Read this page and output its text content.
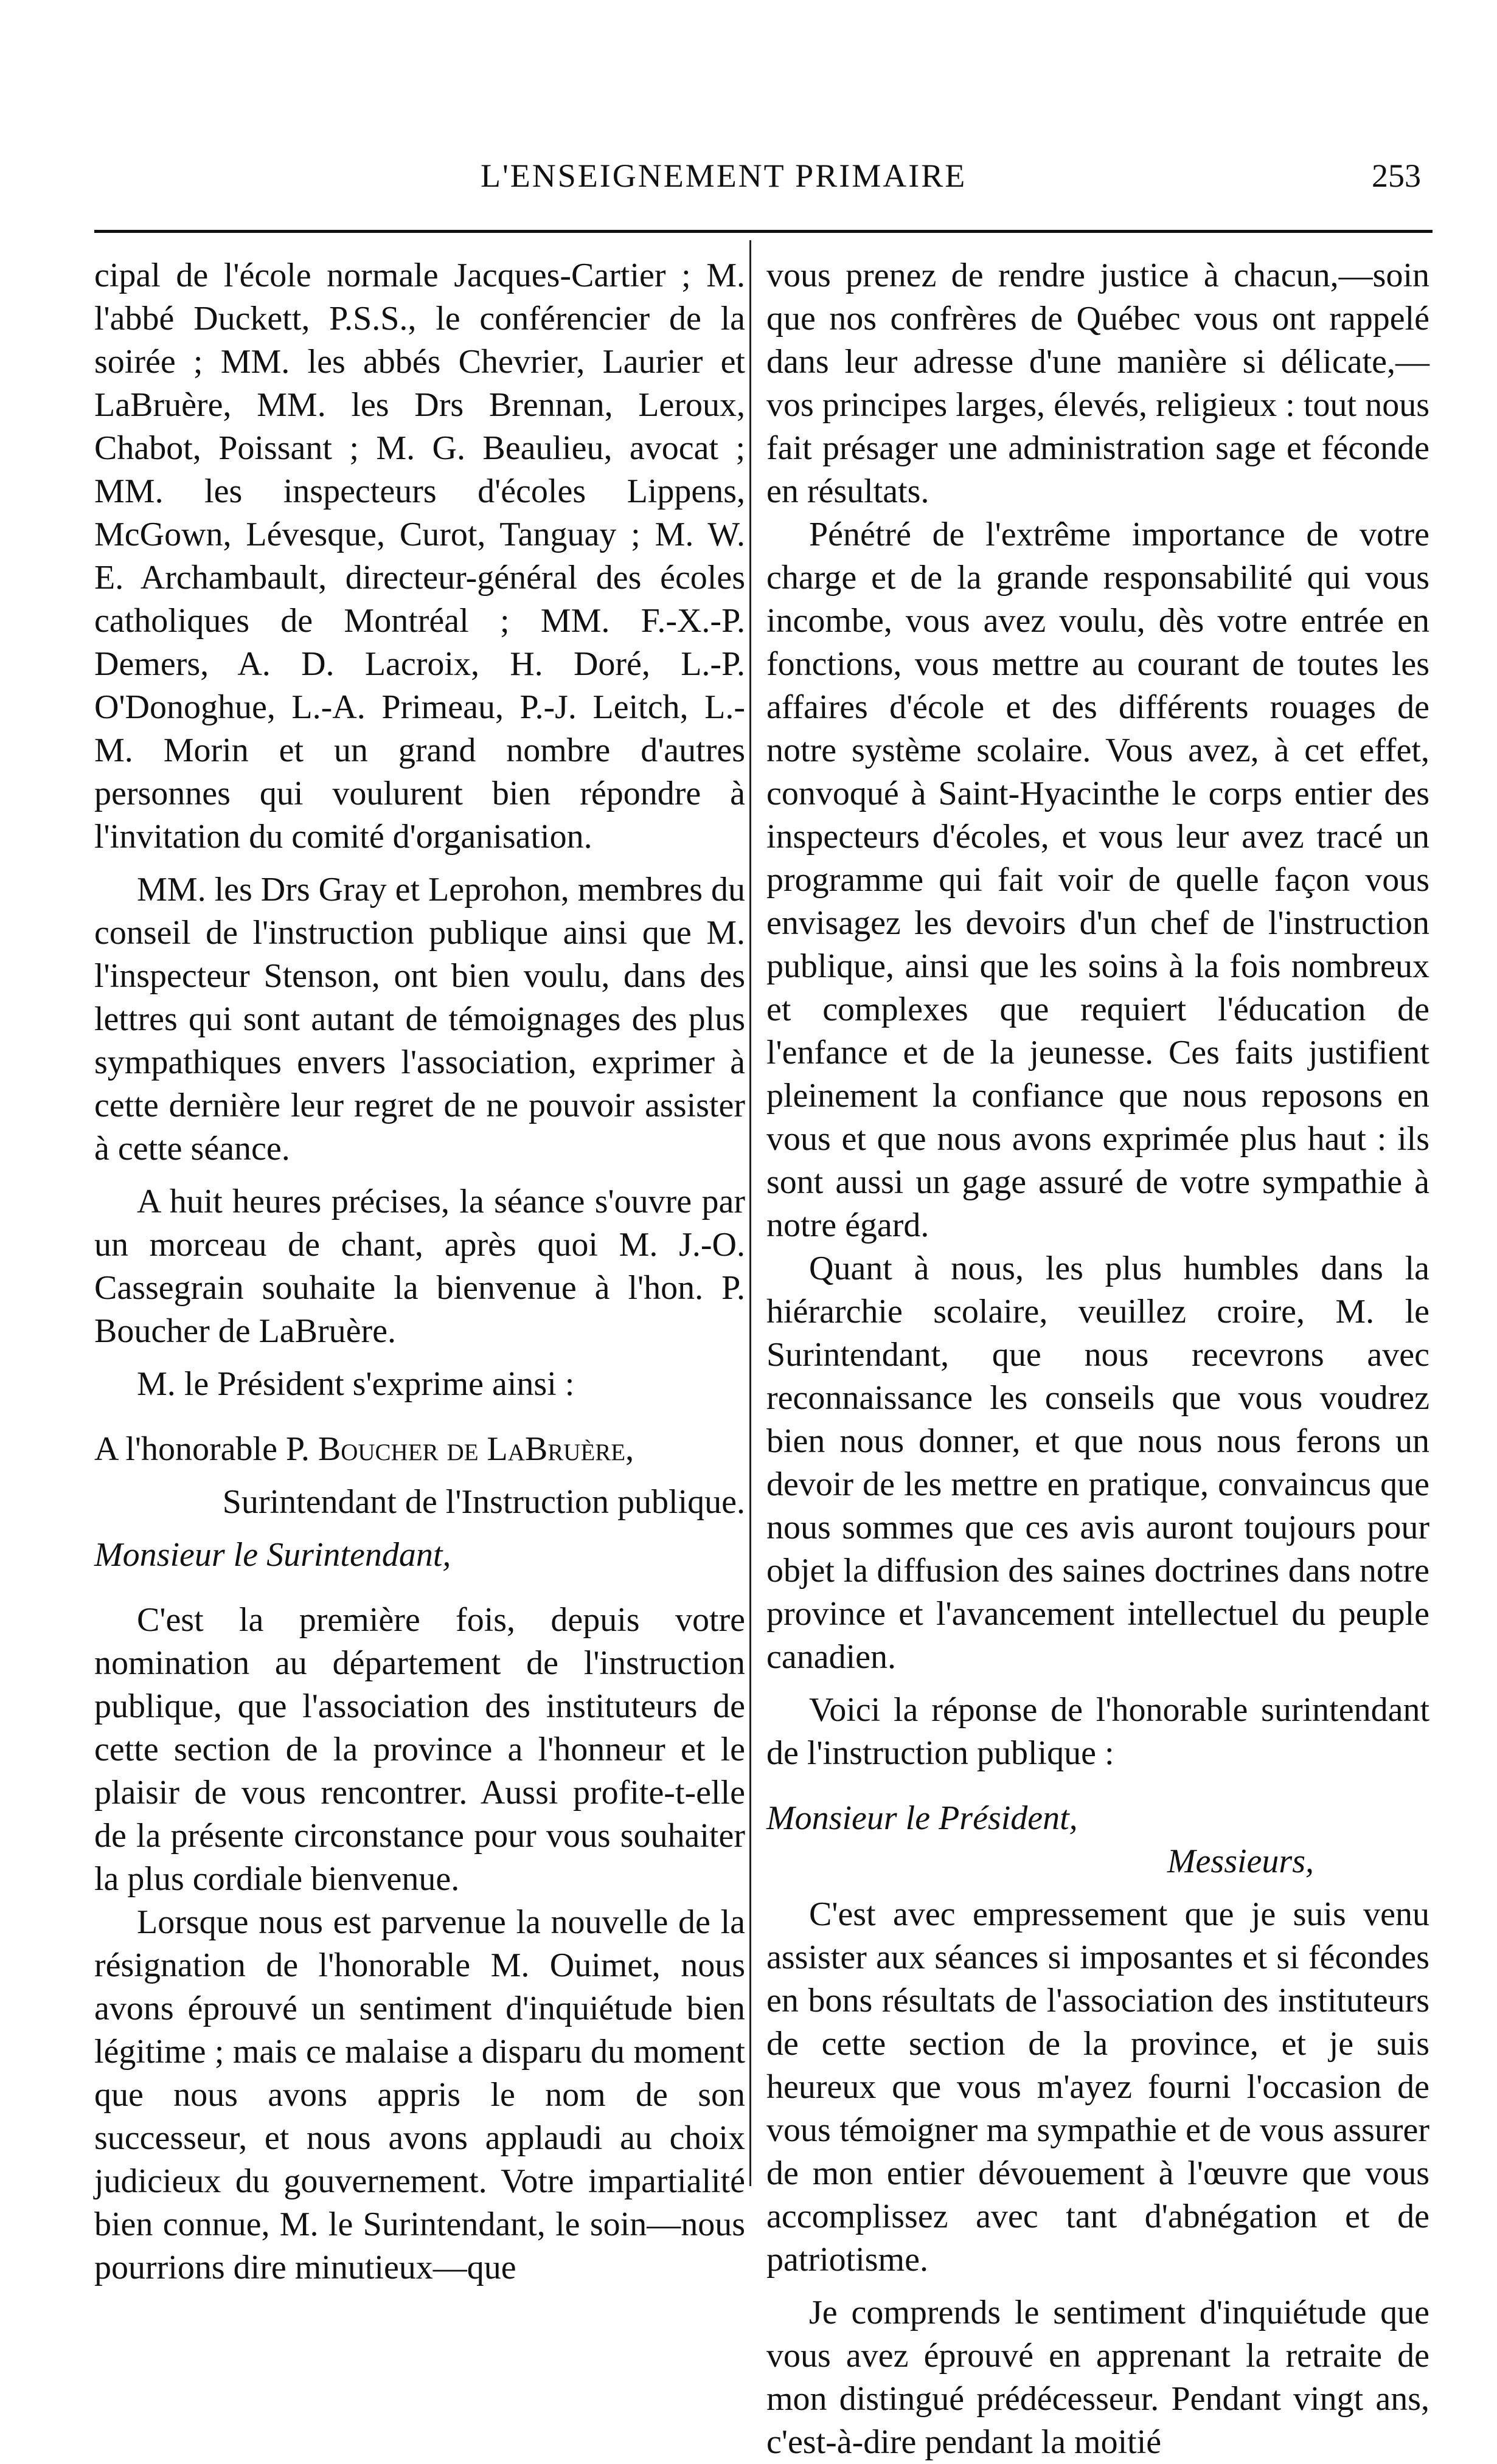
L'ENSEIGNEMENT PRIMAIRE	253

cipal de l'école normale Jacques-Cartier ; M. l'abbé Duckett, P.S.S., le conférencier de la soirée ; MM. les abbés Chevrier, Laurier et LaBruère, MM. les Drs Brennan, Leroux, Chabot, Poissant ; M. G. Beaulieu, avocat ; MM. les inspecteurs d'écoles Lippens, McGown, Lévesque, Curot, Tanguay ; M. W. E. Archambault, directeur-général des écoles catholiques de Montréal ; MM. F.-X.-P. Demers, A. D. Lacroix, H. Doré, L.-P. O'Donoghue, L.-A. Primeau, P.-J. Leitch, L.-M. Morin et un grand nombre d'autres personnes qui voulurent bien répondre à l'invitation du comité d'organisation.

MM. les Drs Gray et Leprohon, membres du conseil de l'instruction publique ainsi que M. l'inspecteur Stenson, ont bien voulu, dans des lettres qui sont autant de témoignages des plus sympathiques envers l'association, exprimer à cette dernière leur regret de ne pouvoir assister à cette séance.

A huit heures précises, la séance s'ouvre par un morceau de chant, après quoi M. J.-O. Cassegrain souhaite la bienvenue à l'hon. P. Boucher de LaBruère.

M. le Président s'exprime ainsi :

A l'honorable P. Boucher de LaBruère,

Surintendant de l'Instruction publique.

Monsieur le Surintendant,

C'est la première fois, depuis votre nomination au département de l'instruction publique, que l'association des instituteurs de cette section de la province a l'honneur et le plaisir de vous rencontrer. Aussi profite-t-elle de la présente circonstance pour vous souhaiter la plus cordiale bienvenue.

Lorsque nous est parvenue la nouvelle de la résignation de l'honorable M. Ouimet, nous avons éprouvé un sentiment d'inquiétude bien légitime ; mais ce malaise a disparu du moment que nous avons appris le nom de son successeur, et nous avons applaudi au choix judicieux du gouvernement. Votre impartialité bien connue, M. le Surintendant, le soin—nous pourrions dire minutieux—que

vous prenez de rendre justice à chacun,—soin que nos confrères de Québec vous ont rappelé dans leur adresse d'une manière si délicate,—vos principes larges, élevés, religieux : tout nous fait présager une administration sage et féconde en résultats.

Pénétré de l'extrême importance de votre charge et de la grande responsabilité qui vous incombe, vous avez voulu, dès votre entrée en fonctions, vous mettre au courant de toutes les affaires d'école et des différents rouages de notre système scolaire. Vous avez, à cet effet, convoqué à Saint-Hyacinthe le corps entier des inspecteurs d'écoles, et vous leur avez tracé un programme qui fait voir de quelle façon vous envisagez les devoirs d'un chef de l'instruction publique, ainsi que les soins à la fois nombreux et complexes que requiert l'éducation de l'enfance et de la jeunesse. Ces faits justifient pleinement la confiance que nous reposons en vous et que nous avons exprimée plus haut : ils sont aussi un gage assuré de votre sympathie à notre égard.

Quant à nous, les plus humbles dans la hiérarchie scolaire, veuillez croire, M. le Surintendant, que nous recevrons avec reconnaissance les conseils que vous voudrez bien nous donner, et que nous nous ferons un devoir de les mettre en pratique, convaincus que nous sommes que ces avis auront toujours pour objet la diffusion des saines doctrines dans notre province et l'avancement intellectuel du peuple canadien.

Voici la réponse de l'honorable surintendant de l'instruction publique :

Monsieur le Président,

Messieurs,

C'est avec empressement que je suis venu assister aux séances si imposantes et si fécondes en bons résultats de l'association des instituteurs de cette section de la province, et je suis heureux que vous m'ayez fourni l'occasion de vous témoigner ma sympathie et de vous assurer de mon entier dévouement à l'œuvre que vous accomplissez avec tant d'abnégation et de patriotisme.

Je comprends le sentiment d'inquiétude que vous avez éprouvé en apprenant la retraite de mon distingué prédécesseur. Pendant vingt ans, c'est-à-dire pendant la moitié
